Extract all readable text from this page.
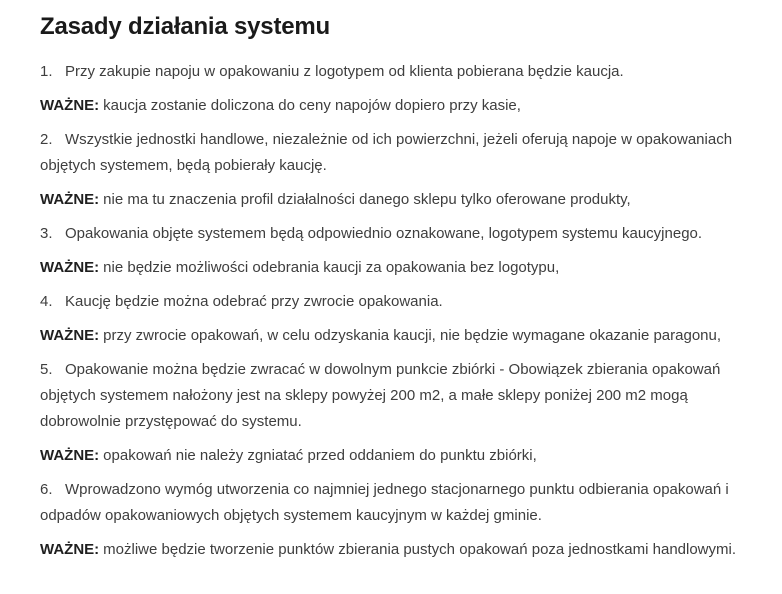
Zasady działania systemu

1. Przy zakupie napoju w opakowaniu z logotypem od klienta pobierana będzie kaucja.

WAŻNE: kaucja zostanie doliczona do ceny napojów dopiero przy kasie,

2. Wszystkie jednostki handlowe, niezależnie od ich powierzchni, jeżeli oferują napoje w opakowaniach objętych systemem, będą pobierały kaucję.

WAŻNE: nie ma tu znaczenia profil działalności danego sklepu tylko oferowane produkty,

3. Opakowania objęte systemem będą odpowiednio oznakowane, logotypem systemu kaucyjnego.

WAŻNE: nie będzie możliwości odebrania kaucji za opakowania bez logotypu,

4. Kaucję będzie można odebrać przy zwrocie opakowania.

WAŻNE: przy zwrocie opakowań, w celu odzyskania kaucji, nie będzie wymagane okazanie paragonu,

5. Opakowanie można będzie zwracać w dowolnym punkcie zbiórki - Obowiązek zbierania opakowań objętych systemem nałożony jest na sklepy powyżej 200 m2, a małe sklepy poniżej 200 m2 mogą dobrowolnie przystępować do systemu.

WAŻNE: opakowań nie należy zgniatać przed oddaniem do punktu zbiórki,

6. Wprowadzono wymóg utworzenia co najmniej jednego stacjonarnego punktu odbierania opakowań i odpadów opakowaniowych objętych systemem kaucyjnym w każdej gminie.

WAŻNE: możliwe będzie tworzenie punktów zbierania pustych opakowań poza jednostkami handlowymi.
